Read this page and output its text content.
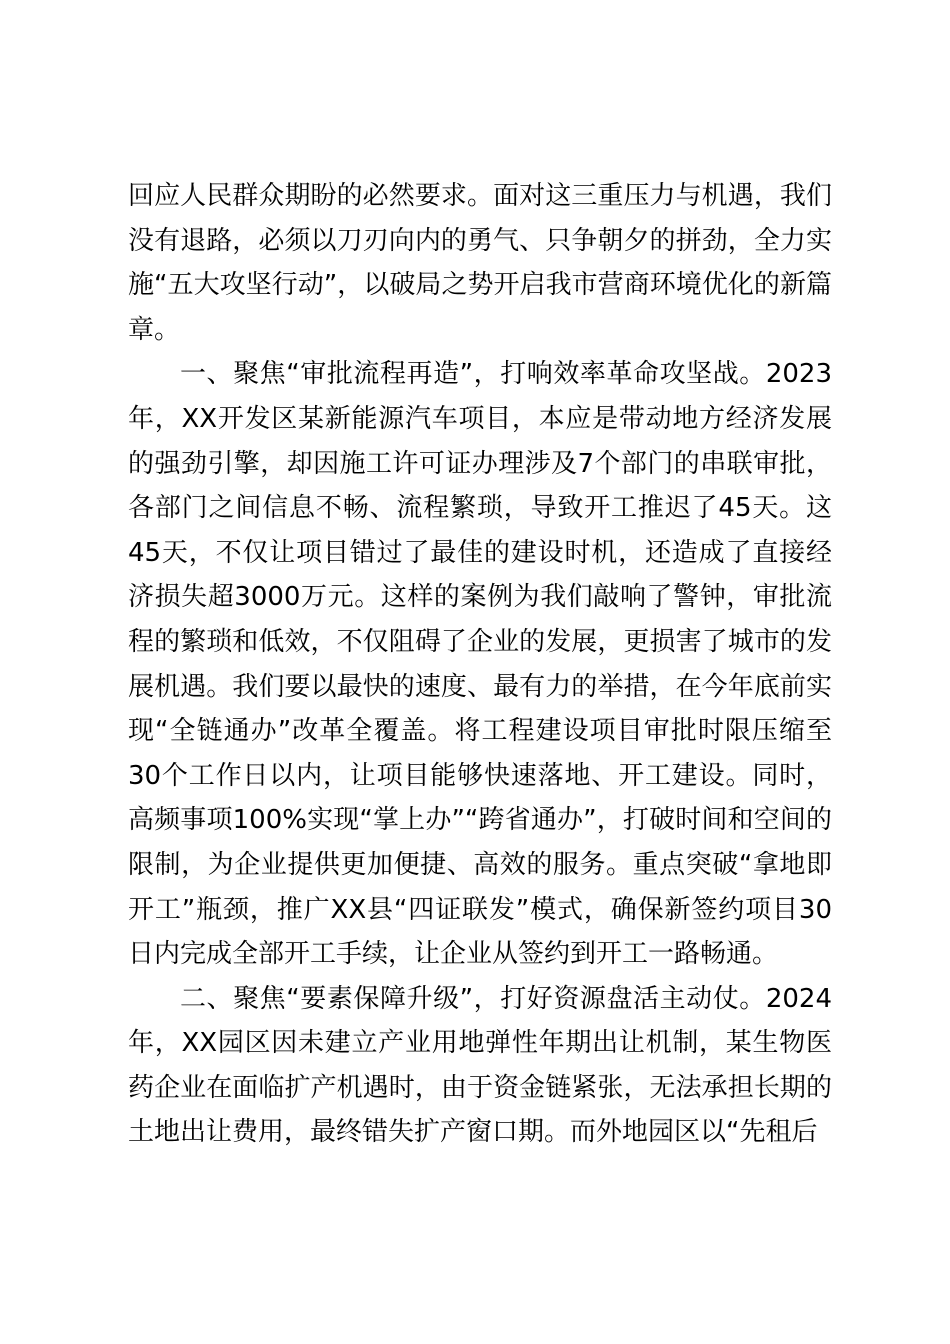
回应人民群众期盼的必然要求。面对这三重压力与机遇，我们没有退路，必须以刀刃向内的勇气、只争朝夕的拼劲，全力实施“五大攻坚行动”，以破局之势开启我市营商环境优化的新篇章。

一、聚焦“审批流程再造”，打响效率革命攻坚战。2023年，XX开发区某新能源汽车项目，本应是带动地方经济发展的强劲引擎，却因施工许可证办理涉及7个部门的串联审批，各部门之间信息不畅、流程繁琐，导致开工推迟了45天。这45天，不仅让项目错过了最佳的建设时机，还造成了直接经济损失超3000万元。这样的案例为我们敲响了警钟，审批流程的繁琐和低效，不仅阻碍了企业的发展，更损害了城市的发展机遇。我们要以最快的速度、最有力的举措，在今年底前实现“全链通办”改革全覆盖。将工程建设项目审批时限压缩至30个工作日以内，让项目能够快速落地、开工建设。同时，高频事项100%实现“掌上办”“跨省通办”，打破时间和空间的限制，为企业提供更加便捷、高效的服务。重点突破“拿地即开工”瓶颈，推广XX县“四证联发”模式，确保新签约项目30日内完成全部开工手续，让企业从签约到开工一路畅通。

二、聚焦“要素保障升级”，打好资源盘活主动仗。2024年，XX园区因未建立产业用地弹性年期出让机制，某生物医药企业在面临扩产机遇时，由于资金链紧张，无法承担长期的土地出让费用，最终错失扩产窗口期。而外地园区以“先租后
